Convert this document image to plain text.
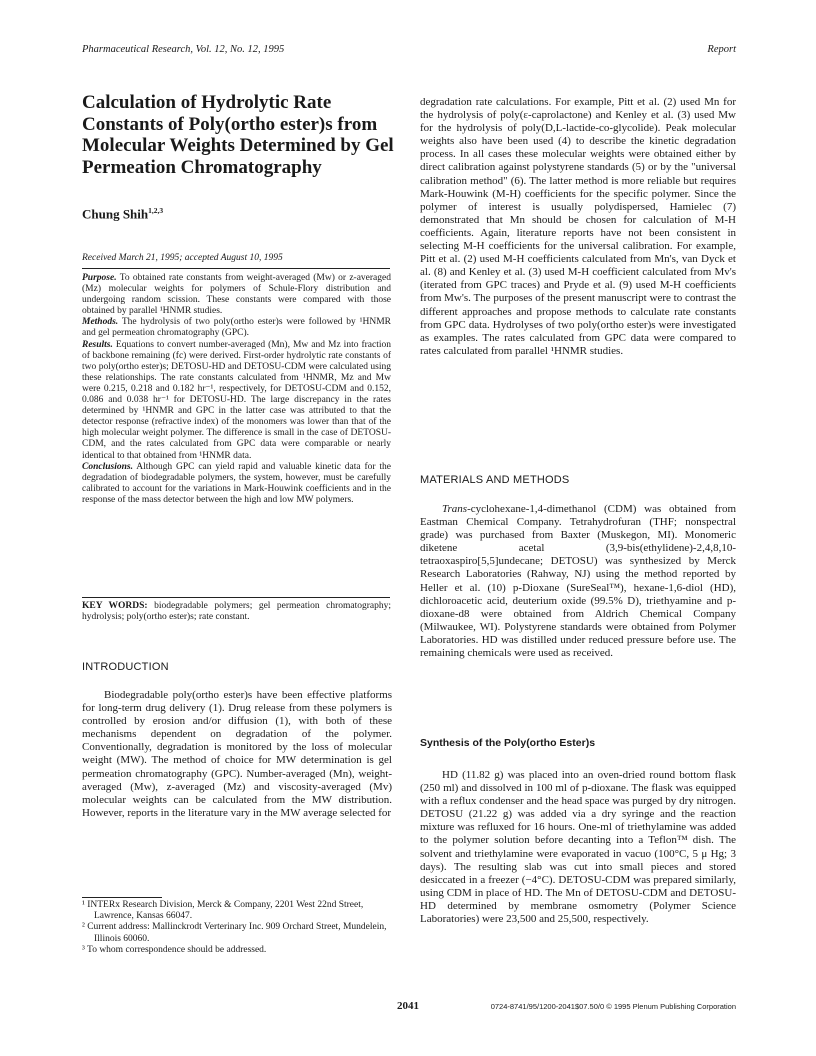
Pharmaceutical Research, Vol. 12, No. 12, 1995	Report
Calculation of Hydrolytic Rate Constants of Poly(ortho ester)s from Molecular Weights Determined by Gel Permeation Chromatography
Chung Shih$^{1,2,3}$
Received March 21, 1995; accepted August 10, 1995

Purpose. To obtained rate constants from weight-averaged (Mw) or z-averaged (Mz) molecular weights for polymers of Schule-Flory distribution and undergoing random scission. These constants were compared with those obtained by parallel ¹HNMR studies.

Methods. The hydrolysis of two poly(ortho ester)s were followed by ¹HNMR and gel permeation chromatography (GPC).

Results. Equations to convert number-averaged (Mn), Mw and Mz into fraction of backbone remaining (fc) were derived. First-order hydrolytic rate constants of two poly(ortho ester)s; DETOSU-HD and DETOSU-CDM were calculated using these relationships. The rate constants calculated from ¹HNMR, Mz and Mw were 0.215, 0.218 and 0.182 hr⁻¹, respectively, for DETOSU-CDM and 0.152, 0.086 and 0.038 hr⁻¹ for DETOSU-HD. The large discrepancy in the rates determined by ¹HNMR and GPC in the latter case was attributed to that the detector response (refractive index) of the monomers was lower than that of the high molecular weight polymer. The difference is small in the case of DETOSU-CDM, and the rates calculated from GPC data were comparable or nearly identical to that obtained from ¹HNMR data.

Conclusions. Although GPC can yield rapid and valuable kinetic data for the degradation of biodegradable polymers, the system, however, must be carefully calibrated to account for the variations in Mark-Houwink coefficients and in the response of the mass detector between the high and low MW polymers.

KEY WORDS: biodegradable polymers; gel permeation chromatography; hydrolysis; poly(ortho ester)s; rate constant.
INTRODUCTION

Biodegradable poly(ortho ester)s have been effective platforms for long-term drug delivery (1). Drug release from these polymers is controlled by erosion and/or diffusion (1), with both of these mechanisms dependent on degradation of the polymer. Conventionally, degradation is monitored by the loss of molecular weight (MW). The method of choice for MW determination is gel permeation chromatography (GPC). Number-averaged (Mn), weight-averaged (Mw), z-averaged (Mz) and viscosity-averaged (Mv) molecular weights can be calculated from the MW distribution. However, reports in the literature vary in the MW average selected for

¹ INTERx Research Division, Merck & Company, 2201 West 22nd Street, Lawrence, Kansas 66047.
² Current address: Mallinckrodt Verterinary Inc. 909 Orchard Street, Mundelein, Illinois 60060.
³ To whom correspondence should be addressed.

degradation rate calculations. For example, Pitt et al. (2) used Mn for the hydrolysis of poly(ε-caprolactone) and Kenley et al. (3) used Mw for the hydrolysis of poly(D,L-lactide-co-glycolide). Peak molecular weights also have been used (4) to describe the kinetic degradation process. In all cases these molecular weights were obtained either by direct calibration against polystyrene standards (5) or by the "universal calibration method" (6). The latter method is more reliable but requires Mark-Houwink (M-H) coefficients for the specific polymer. Since the polymer of interest is usually polydispersed, Hamielec (7) demonstrated that Mn should be chosen for calculation of M-H coefficients. Again, literature reports have not been consistent in selecting M-H coefficients for the universal calibration. For example, Pitt et al. (2) used M-H coefficients calculated from Mn's, van Dyck et al. (8) and Kenley et al. (3) used M-H coefficient calculated from Mv's (iterated from GPC traces) and Pryde et al. (9) used M-H coefficients from Mw's. The purposes of the present manuscript were to contrast the different approaches and propose methods to calculate rate constants from GPC data. Hydrolyses of two poly(ortho ester)s were investigated as examples. The rates calculated from GPC data were compared to rates calculated from parallel ¹HNMR studies.

MATERIALS AND METHODS

Trans-cyclohexane-1,4-dimethanol (CDM) was obtained from Eastman Chemical Company. Tetrahydrofuran (THF; nonspectral grade) was purchased from Baxter (Muskegon, MI). Monomeric diketene acetal (3,9-bis(ethylidene)-2,4,8,10-tetraoxaspiro[5,5]undecane; DETOSU) was synthesized by Merck Research Laboratories (Rahway, NJ) using the method reported by Heller et al. (10) p-Dioxane (SureSeal™), hexane-1,6-diol (HD), dichloroacetic acid, deuterium oxide (99.5% D), triethyamine and p-dioxane-d8 were obtained from Aldrich Chemical Company (Milwaukee, WI). Polystyrene standards were obtained from Polymer Laboratories. HD was distilled under reduced pressure before use. The remaining chemicals were used as received.

Synthesis of the Poly(ortho Ester)s

HD (11.82 g) was placed into an oven-dried round bottom flask (250 ml) and dissolved in 100 ml of p-dioxane. The flask was equipped with a reflux condenser and the head space was purged by dry nitrogen. DETOSU (21.22 g) was added via a dry syringe and the reaction mixture was refluxed for 16 hours. One-ml of triethylamine was added to the polymer solution before decanting into a Teflon™ dish. The solvent and triethylamine were evaporated in vacuo (100°C, 5 μ Hg; 3 days). The resulting slab was cut into small pieces and stored desiccated in a freezer (−4°C). DETOSU-CDM was prepared similarly, using CDM in place of HD. The Mn of DETOSU-CDM and DETOSU-HD determined by membrane osmometry (Polymer Science Laboratories) were 23,500 and 25,500, respectively.

2041	0724-8741/95/1200-2041$07.50/0 © 1995 Plenum Publishing Corporation
